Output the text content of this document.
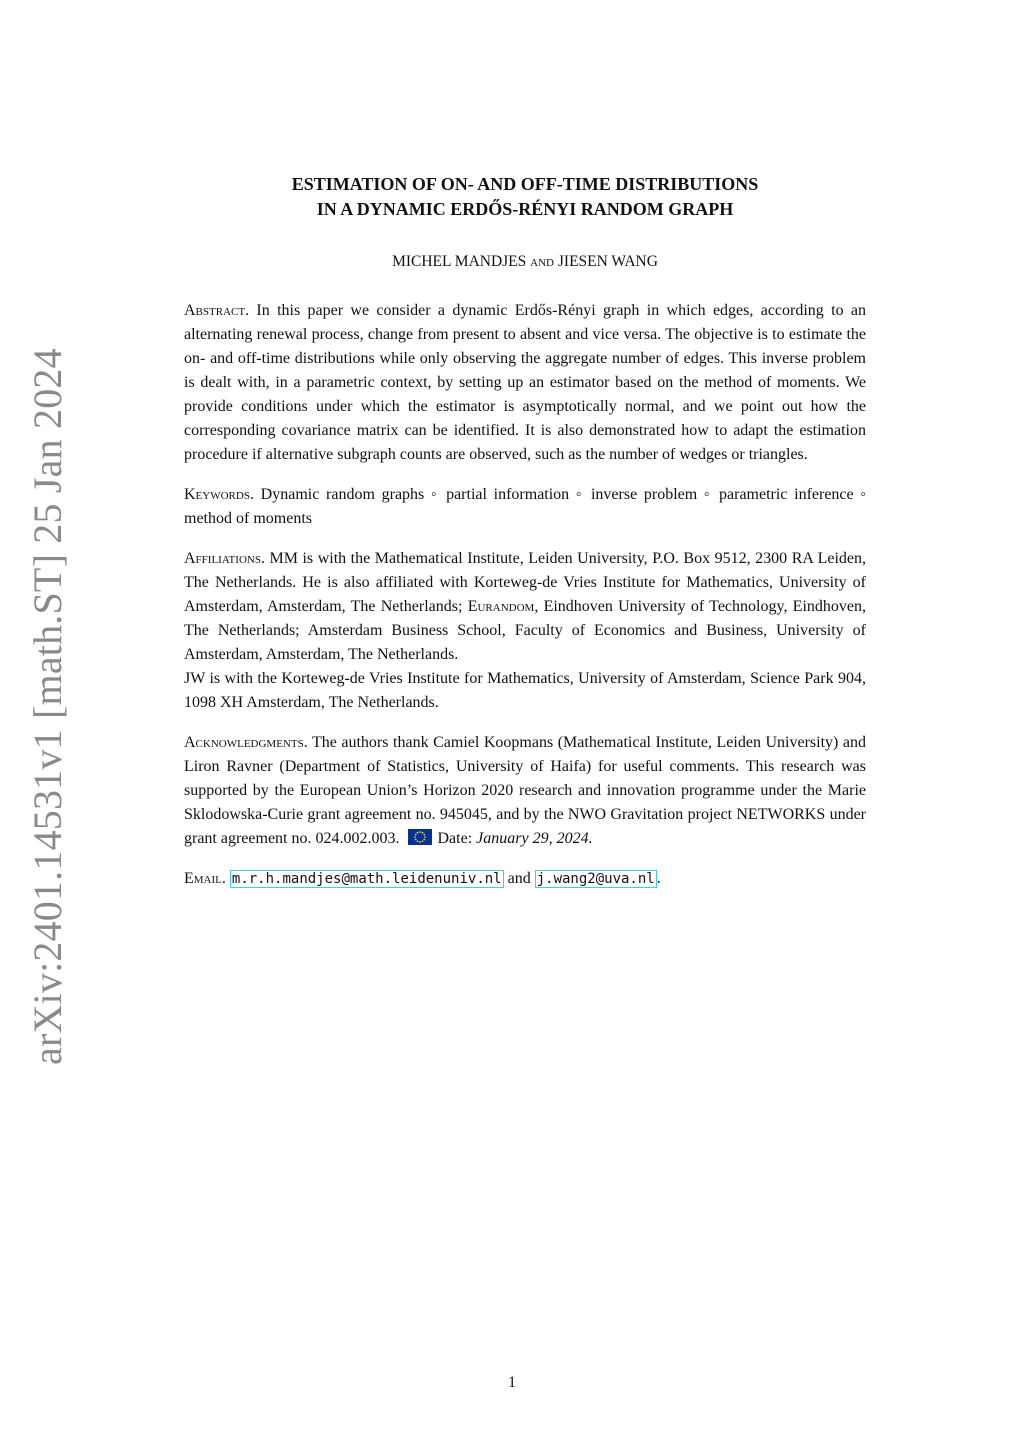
arXiv:2401.14531v1 [math.ST] 25 Jan 2024
ESTIMATION OF ON- AND OFF-TIME DISTRIBUTIONS
IN A DYNAMIC ERDŐS-RÉNYI RANDOM GRAPH
MICHEL MANDJES and JIESEN WANG
Abstract. In this paper we consider a dynamic Erdős-Rényi graph in which edges, according to an alternating renewal process, change from present to absent and vice versa. The objective is to estimate the on- and off-time distributions while only observing the aggregate number of edges. This inverse problem is dealt with, in a parametric context, by setting up an estimator based on the method of moments. We provide conditions under which the estimator is asymptotically normal, and we point out how the corresponding covariance matrix can be identified. It is also demonstrated how to adapt the estimation procedure if alternative subgraph counts are observed, such as the number of wedges or triangles.
Keywords. Dynamic random graphs ◦ partial information ◦ inverse problem ◦ parametric inference ◦ method of moments
Affiliations. MM is with the Mathematical Institute, Leiden University, P.O. Box 9512, 2300 RA Leiden, The Netherlands. He is also affiliated with Korteweg-de Vries Institute for Mathematics, University of Amsterdam, Amsterdam, The Netherlands; Eurandom, Eindhoven University of Technology, Eindhoven, The Netherlands; Amsterdam Business School, Faculty of Economics and Business, University of Amsterdam, Amsterdam, The Netherlands.
JW is with the Korteweg-de Vries Institute for Mathematics, University of Amsterdam, Science Park 904, 1098 XH Amsterdam, The Netherlands.
Acknowledgments. The authors thank Camiel Koopmans (Mathematical Institute, Leiden University) and Liron Ravner (Department of Statistics, University of Haifa) for useful comments. This research was supported by the European Union’s Horizon 2020 research and innovation programme under the Marie Sklodowska-Curie grant agreement no. 945045, and by the NWO Gravitation project NETWORKS under grant agreement no. 024.002.003. Date: January 29, 2024.
Email. m.r.h.mandjes@math.leidenuniv.nl and j.wang2@uva.nl .
1
